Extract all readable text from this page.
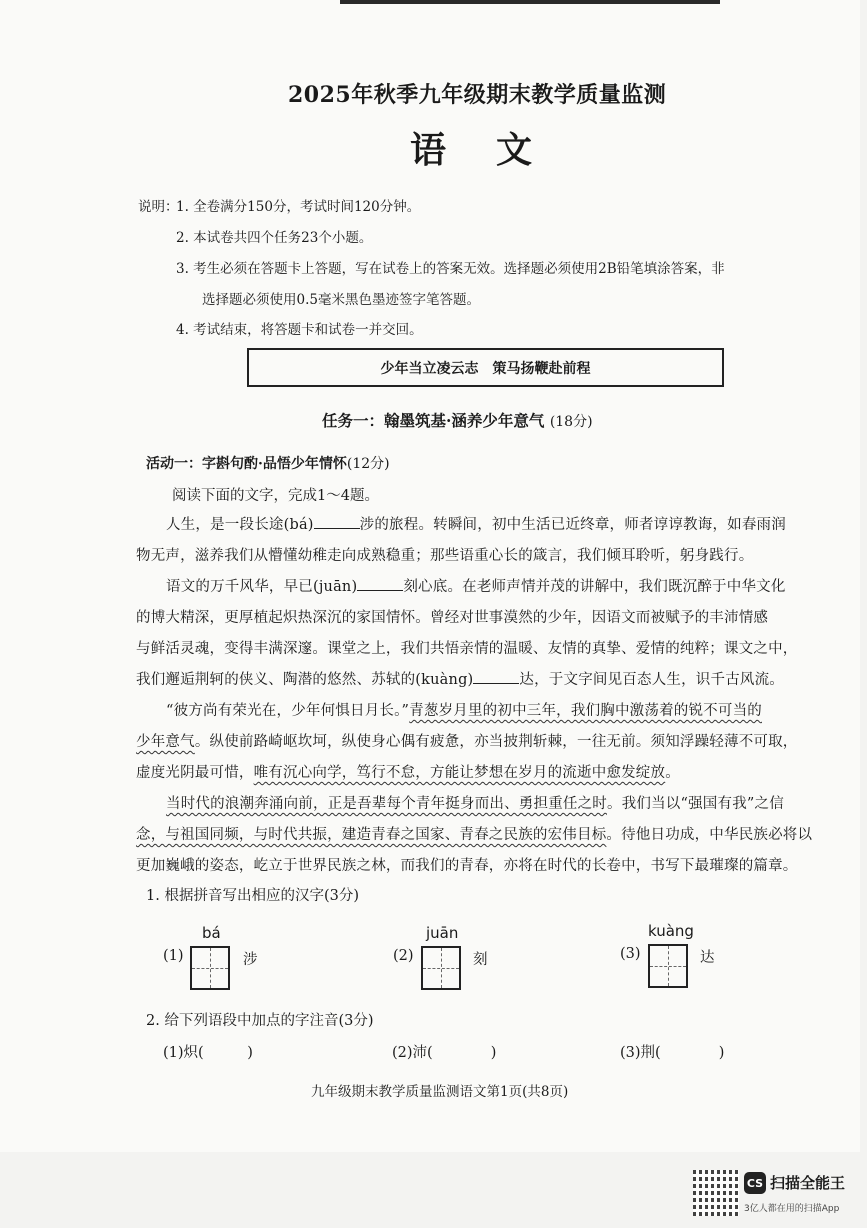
2025年秋季九年级期末教学质量监测
语文
说明：
1. 全卷满分150分，考试时间120分钟。
2. 本试卷共四个任务23个小题。
3. 考生必须在答题卡上答题，写在试卷上的答案无效。选择题必须使用2B铅笔填涂答案，非
选择题必须使用0.5毫米黑色墨迹签字笔答题。
4. 考试结束，将答题卡和试卷一并交回。
少年当立凌云志　策马扬鞭赴前程
任务一：翰墨筑基·涵养少年意气 (18分)
活动一：字斟句酌·品悟少年情怀(12分)
阅读下面的文字，完成1～4题。
人生，是一段长途(bá)	涉的旅程。转瞬间，初中生活已近终章，师者谆谆教诲，如春雨润
物无声，滋养我们从懵懂幼稚走向成熟稳重；那些语重心长的箴言，我们倾耳聆听，躬身践行。
语文的万千风华，早已(juān)	刻心底。在老师声情并茂的讲解中，我们既沉醉于中华文化
的博大精深，更厚植起炽热深沉的家国情怀。曾经对世事漠然的少年，因语文而被赋予的丰沛情感
与鲜活灵魂，变得丰满深邃。课堂之上，我们共悟亲情的温暖、友情的真挚、爱情的纯粹；课文之中，
我们邂逅荆轲的侠义、陶潜的悠然、苏轼的(kuàng)	达，于文字间见百态人生，识千古风流。
“彼方尚有荣光在，少年何惧日月长。”青葱岁月里的初中三年，我们胸中激荡着的锐不可当的
少年意气。纵使前路崎岖坎坷，纵使身心偶有疲惫，亦当披荆斩棘，一往无前。须知浮躁轻薄不可取，
虚度光阴最可惜，唯有沉心向学，笃行不怠，方能让梦想在岁月的流逝中愈发绽放。
当时代的浪潮奔涌向前，正是吾辈每个青年挺身而出、勇担重任之时。我们当以“强国有我”之信
念，与祖国同频，与时代共振，建造青春之国家、青春之民族的宏伟目标。待他日功成，中华民族必将以
更加巍峨的姿态，屹立于世界民族之林，而我们的青春，亦将在时代的长卷中，书写下最璀璨的篇章。
1. 根据拼音写出相应的汉字(3分)
bá
(1)	涉
juān
(2)	刻
kuàng
(3)	达
2. 给下列语段中加点的字注音(3分)
(1)炽(　　　)	(2)沛(　　　　)	(3)荆(　　　　)
九年级期末教学质量监测语文第1页(共8页)
CS 扫描全能王
3亿人都在用的扫描App
